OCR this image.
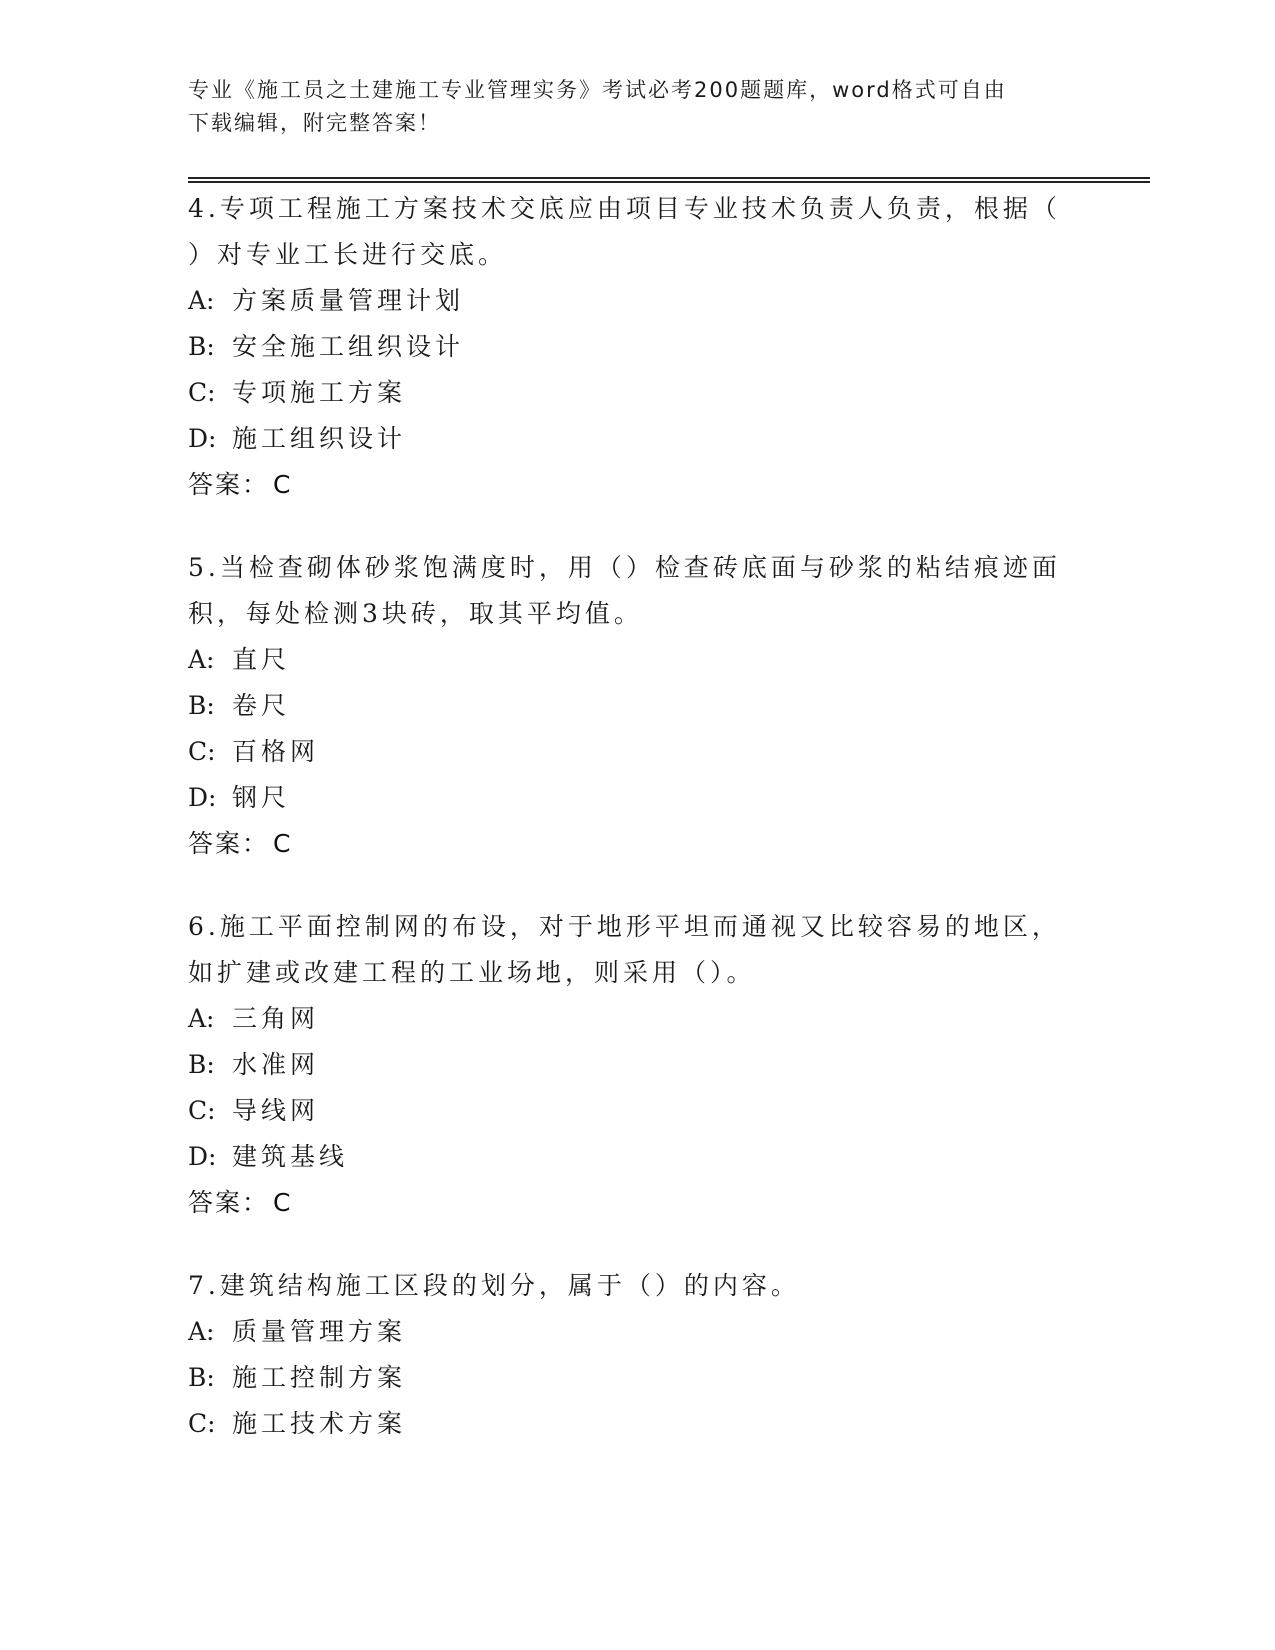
专业《施工员之土建施工专业管理实务》考试必考200题题库，word格式可自由

下载编辑，附完整答案！

4.专项工程施工方案技术交底应由项目专业技术负责人负责，根据（

）对专业工长进行交底。

A: 方案质量管理计划

B: 安全施工组织设计

C: 专项施工方案

D: 施工组织设计

答案： C

5.当检查砌体砂浆饱满度时，用（）检查砖底面与砂浆的粘结痕迹面

积，每处检测3块砖，取其平均值。

A: 直尺

B: 卷尺

C: 百格网

D: 钢尺

答案： C

6.施工平面控制网的布设，对于地形平坦而通视又比较容易的地区，

如扩建或改建工程的工业场地，则采用（）。

A: 三角网

B: 水准网

C: 导线网

D: 建筑基线

答案： C

7.建筑结构施工区段的划分，属于（）的内容。

A: 质量管理方案

B: 施工控制方案

C: 施工技术方案
